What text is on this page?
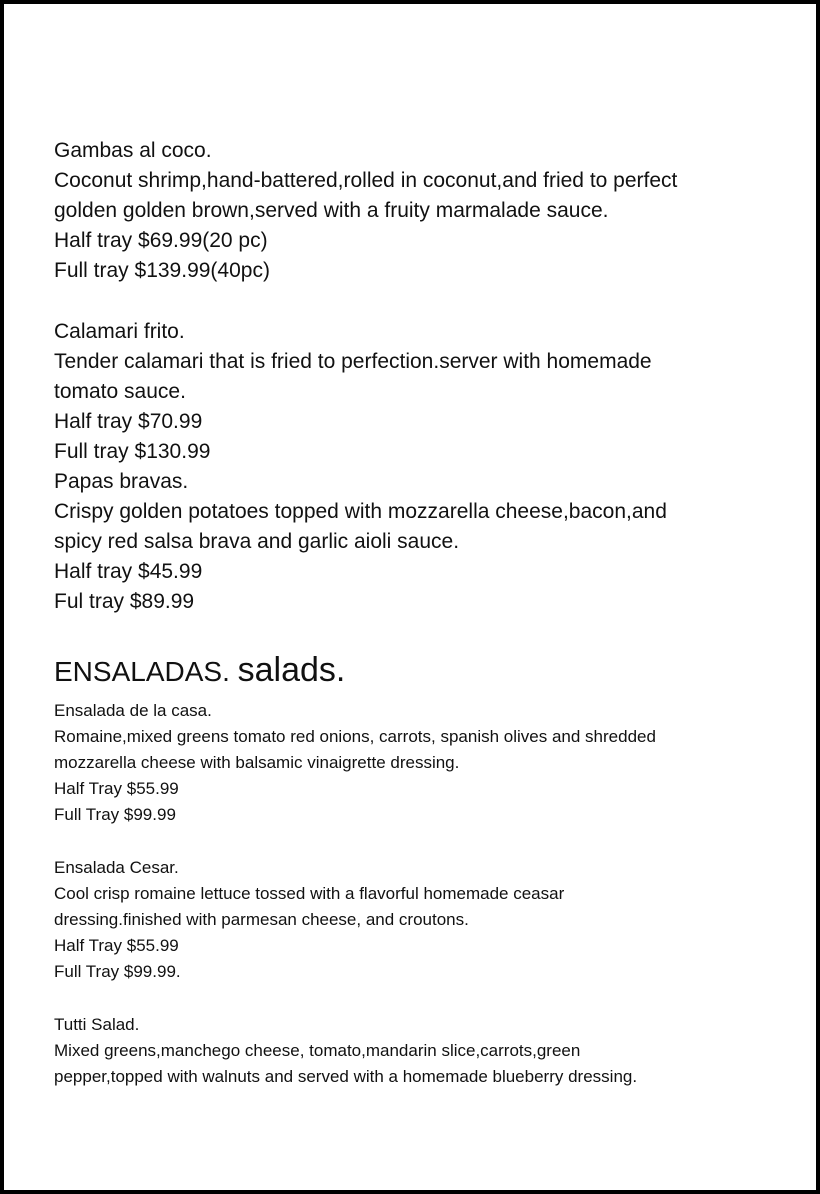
Gambas al coco.
Coconut shrimp,hand-battered,rolled in coconut,and fried to perfect
golden golden brown,served with a fruity marmalade sauce.
Half tray $69.99(20 pc)
Full tray $139.99(40pc)
Calamari frito.
Tender calamari that is fried to perfection.server with homemade
tomato sauce.
Half tray $70.99
Full tray $130.99
Papas bravas.
Crispy golden potatoes topped with mozzarella cheese,bacon,and
spicy red salsa brava and garlic aioli sauce.
Half tray $45.99
Ful tray $89.99
ENSALADAS. salads.
Ensalada de la casa.
Romaine,mixed greens tomato red onions, carrots, spanish olives and shredded
mozzarella cheese with balsamic vinaigrette dressing.
Half Tray $55.99
Full Tray $99.99
Ensalada Cesar.
Cool crisp romaine lettuce tossed with a flavorful homemade ceasar
dressing.finished with parmesan cheese, and croutons.
Half Tray $55.99
Full Tray $99.99.
Tutti Salad.
Mixed greens,manchego cheese, tomato,mandarin slice,carrots,green
pepper,topped with walnuts and served with a homemade blueberry dressing.
